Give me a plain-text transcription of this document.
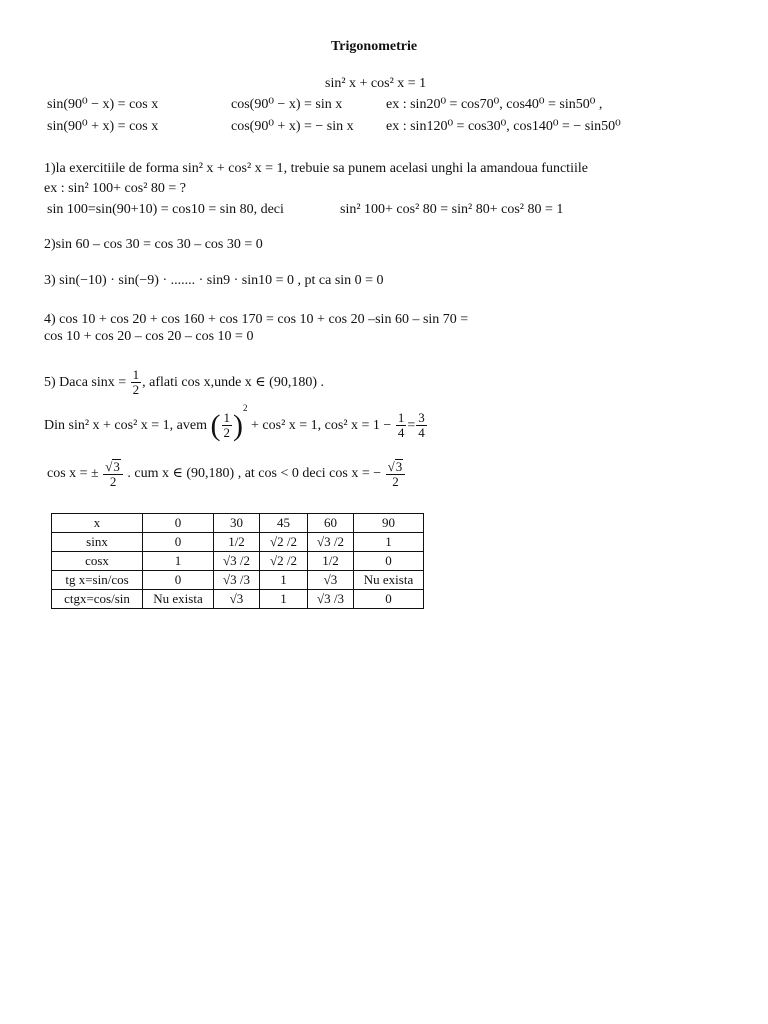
Trigonometrie
sin² x + cos² x = 1
sin(90⁰ − x) = cos x	cos(90⁰ − x) = sin x	ex : sin20⁰ = cos70⁰, cos40⁰ = sin50⁰ ,
sin(90⁰ + x) = cos x	cos(90⁰ + x) = − sin x ex : sin120⁰ = cos30⁰, cos140⁰ = − sin50⁰
1)la exercitiile de forma sin² x + cos² x = 1, trebuie sa punem acelasi unghi la amandoua functiile
ex : sin² 100+ cos² 80 = ?
sin 100=sin(90+10) = cos10 = sin 80, deci	sin² 100+ cos² 80 = sin² 80+ cos² 80 = 1
2)sin 60 – cos 30 = cos 30 – cos 30 = 0
3) sin(−10) · sin(−9) · ....... · sin9 · sin10 = 0 , pt ca sin 0 = 0
4) cos 10 + cos 20 + cos 160 + cos 170 = cos 10 + cos 20 –sin 60 – sin 70 =
cos 10 + cos 20 – cos 20 – cos 10 = 0
5) Daca $\sin x = \frac{1}{2}$ , aflati cos x,unde x ∈ (90,180) .
Din sin² x + cos² x = 1, avem ( $\frac{1}{2} )^2 + \cos^2$ x = 1, cos² $x = 1 - \frac{1}{4} = \frac{3}{4}$
cos x = ± $\frac{√3}{2}$ . cum x ∈ (90,180) , at cos < 0 deci cos x = − $\frac{√3}{2}$
x	0	30	45	60	90
sinx	0	1/2	√2 /2	√3 /2	1
cosx	1	√3 /2	√2 /2	1/2	0
tg x=sin/cos	0	√3 /3	1	√3	Nu exista
ctgx=cos/sin	Nu exista	√3	1	√3 /3	0
